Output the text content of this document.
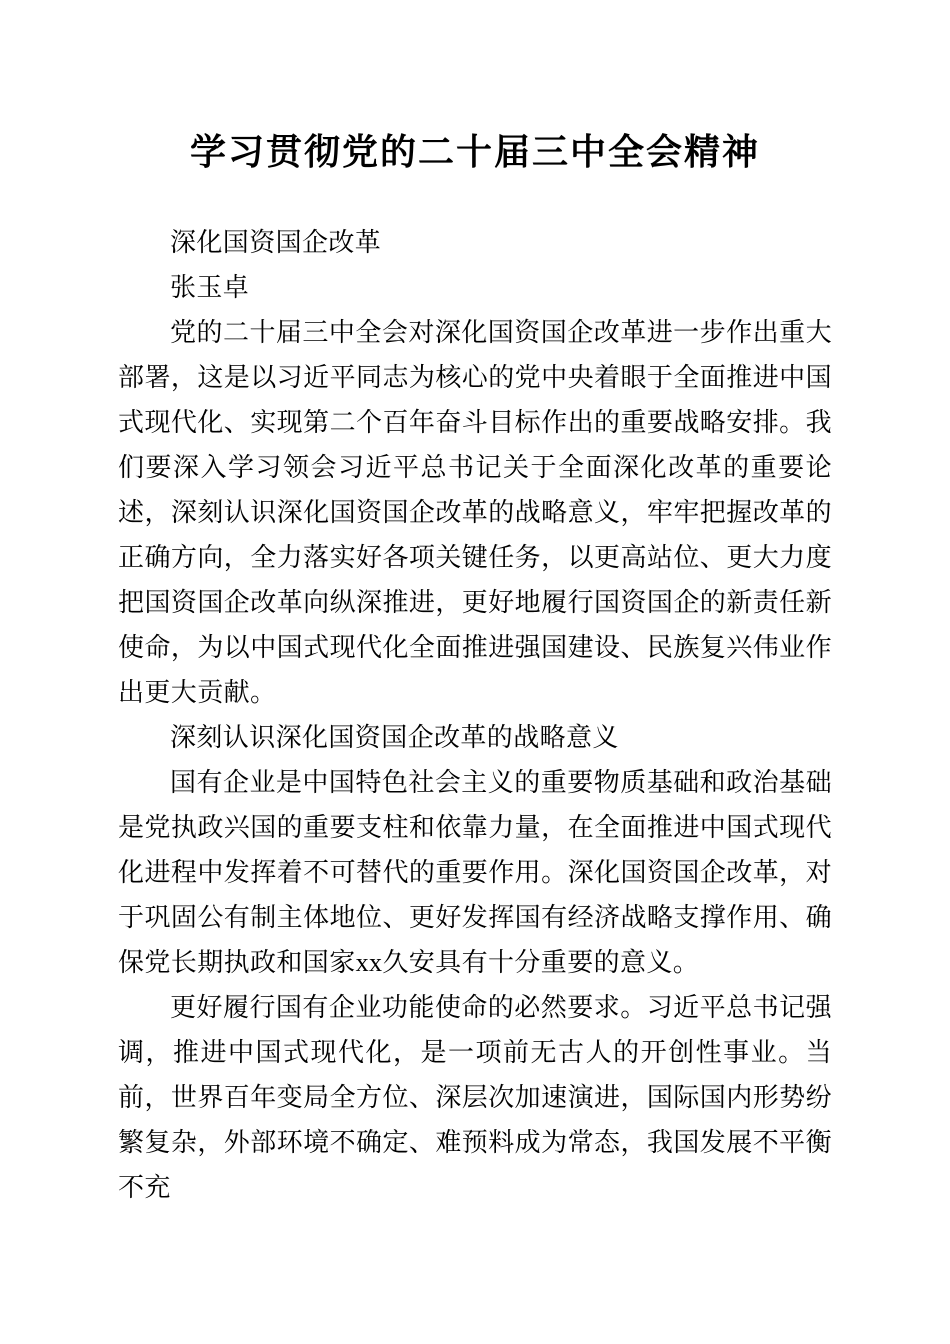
学习贯彻党的二十届三中全会精神

深化国资国企改革

张玉卓

党的二十届三中全会对深化国资国企改革进一步作出重大部署，这是以习近平同志为核心的党中央着眼于全面推进中国式现代化、实现第二个百年奋斗目标作出的重要战略安排。我们要深入学习领会习近平总书记关于全面深化改革的重要论述，深刻认识深化国资国企改革的战略意义，牢牢把握改革的正确方向，全力落实好各项关键任务，以更高站位、更大力度把国资国企改革向纵深推进，更好地履行国资国企的新责任新使命，为以中国式现代化全面推进强国建设、民族复兴伟业作出更大贡献。

深刻认识深化国资国企改革的战略意义

国有企业是中国特色社会主义的重要物质基础和政治基础是党执政兴国的重要支柱和依靠力量，在全面推进中国式现代化进程中发挥着不可替代的重要作用。深化国资国企改革，对于巩固公有制主体地位、更好发挥国有经济战略支撑作用、确保党长期执政和国家xx久安具有十分重要的意义。

更好履行国有企业功能使命的必然要求。习近平总书记强调，推进中国式现代化，是一项前无古人的开创性事业。当前，世界百年变局全方位、深层次加速演进，国际国内形势纷繁复杂，外部环境不确定、难预料成为常态，我国发展不平衡不充
